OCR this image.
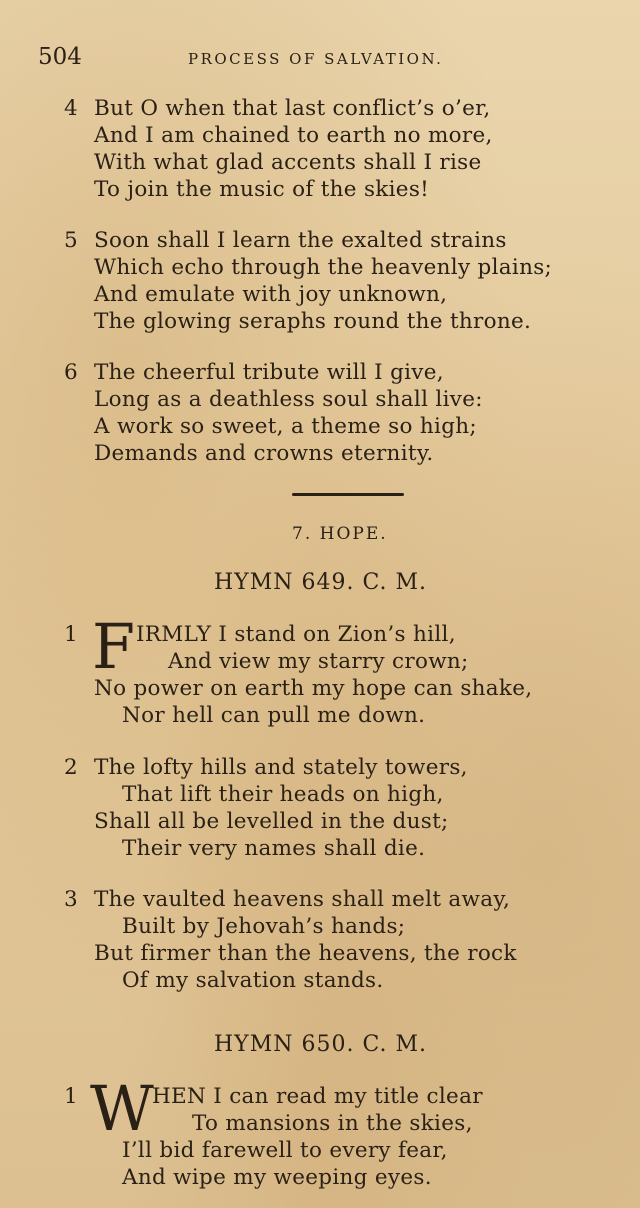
504	PROCESS OF SALVATION.
4 But O when that last conflict’s o’er,
And I am chained to earth no more,
With what glad accents shall I rise
To join the music of the skies!
5 Soon shall I learn the exalted strains
Which echo through the heavenly plains;
And emulate with joy unknown,
The glowing seraphs round the throne.
6 The cheerful tribute will I give,
Long as a deathless soul shall live:
A work so sweet, a theme so high;
Demands and crowns eternity.
7. HOPE.
HYMN 649. C. M.
1 F IRMLY I stand on Zion’s hill,
And view my starry crown;
No power on earth my hope can shake,
Nor hell can pull me down.
2 The lofty hills and stately towers,
That lift their heads on high,
Shall all be levelled in the dust;
Their very names shall die.
3 The vaulted heavens shall melt away,
Built by Jehovah’s hands;
But firmer than the heavens, the rock
Of my salvation stands.
HYMN 650. C. M.
1 W
HEN I can read my title clear
To mansions in the skies,
I’ll bid farewell to every fear,
And wipe my weeping eyes.
